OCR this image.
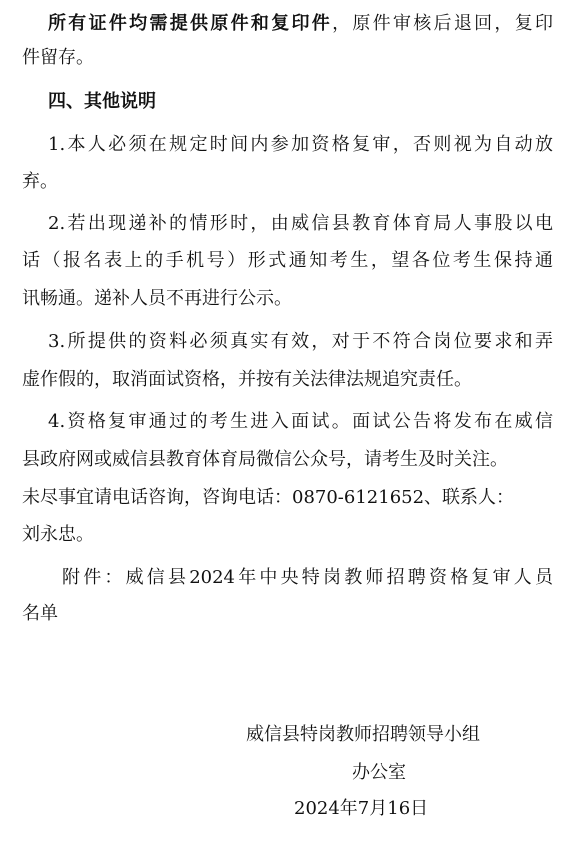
所有证件均需提供原件和复印件，原件审核后退回，复印
件留存。
四、其他说明
1.本人必须在规定时间内参加资格复审，否则视为自动放
弃。
2.若出现递补的情形时，由威信县教育体育局人事股以电
话（报名表上的手机号）形式通知考生，望各位考生保持通
讯畅通。递补人员不再进行公示。
3.所提供的资料必须真实有效，对于不符合岗位要求和弄
虚作假的，取消面试资格，并按有关法律法规追究责任。
4.资格复审通过的考生进入面试。面试公告将发布在威信
县政府网或威信县教育体育局微信公众号，请考生及时关注。
未尽事宜请电话咨询，咨询电话：0870-6121652、联系人：
刘永忠。
附件：威信县2024年中央特岗教师招聘资格复审人员
名单
威信县特岗教师招聘领导小组
办公室
2024年7月16日
